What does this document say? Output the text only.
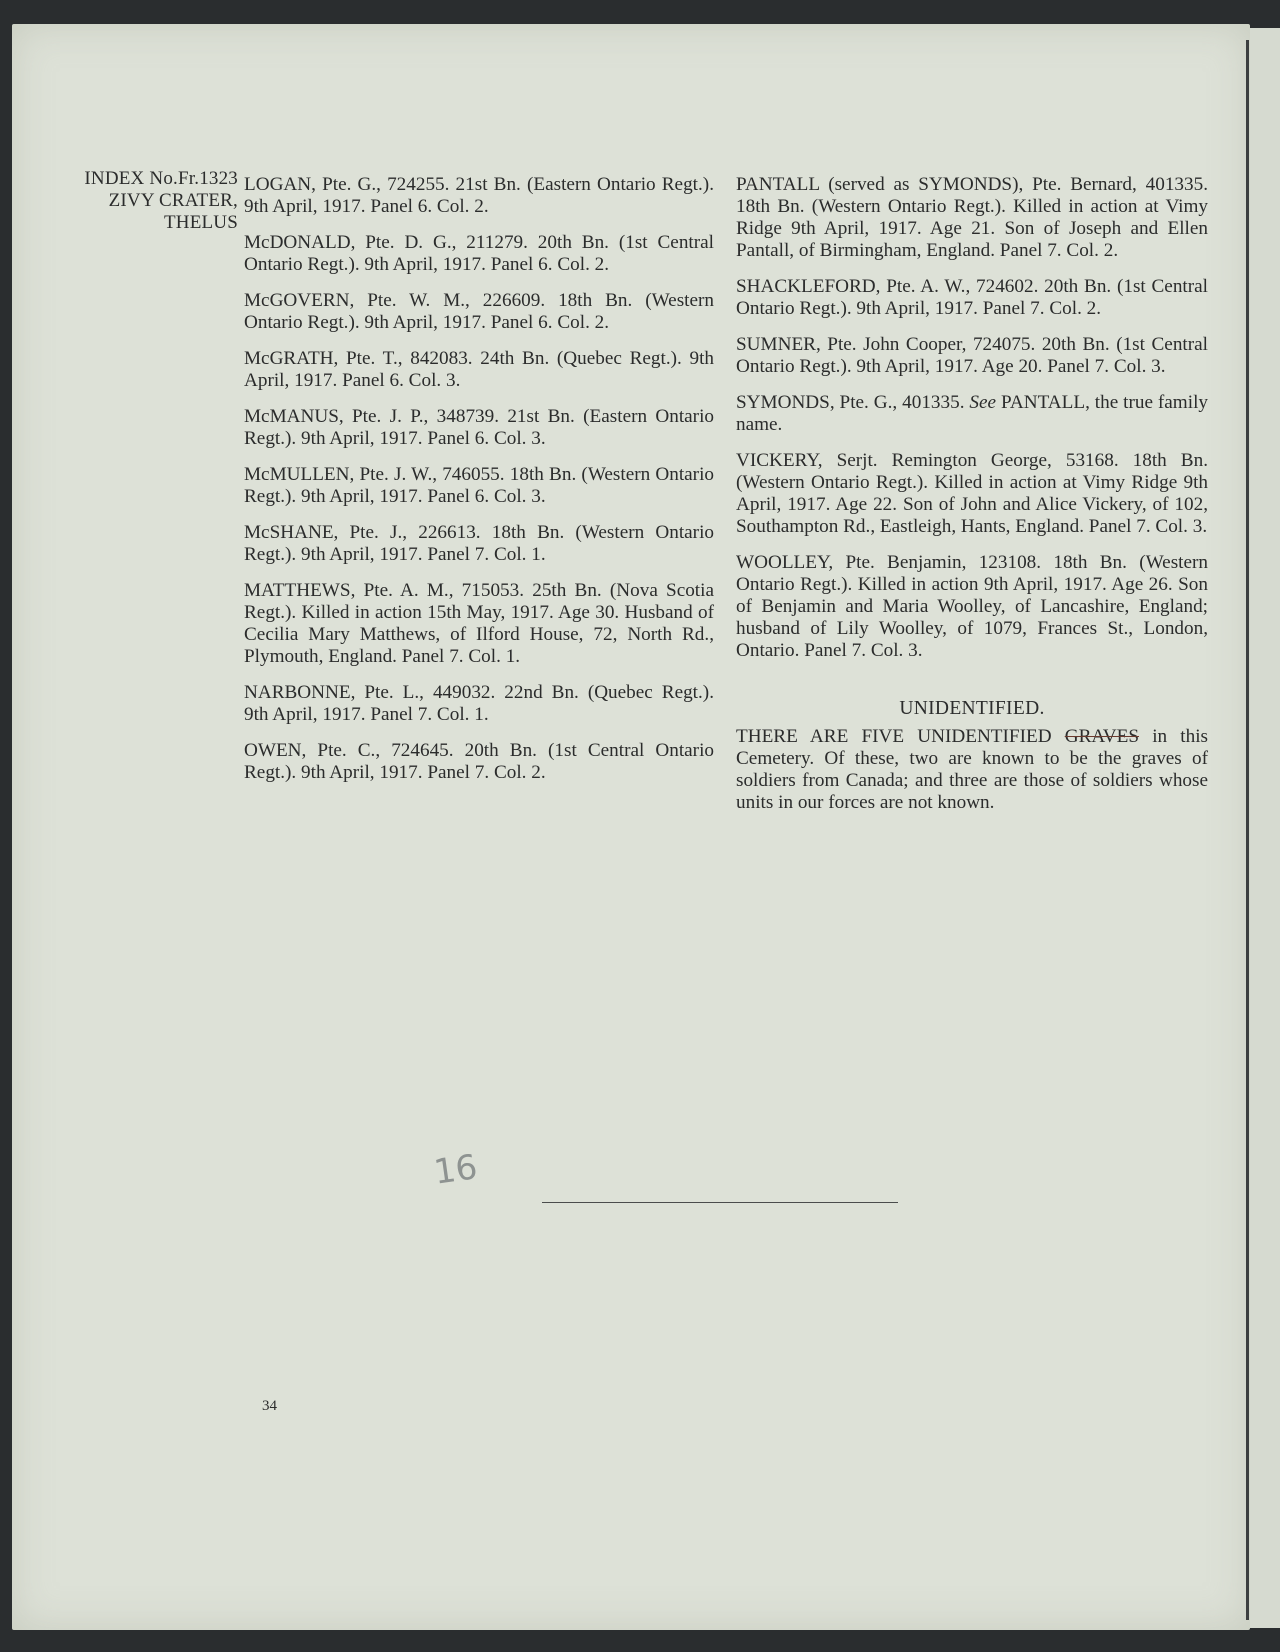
INDEX No.Fr.1323
ZIVY CRATER,
THELUS

LOGAN, Pte. G., 724255. 21st Bn. (Eastern Ontario Regt.). 9th April, 1917. Panel 6. Col. 2.

McDONALD, Pte. D. G., 211279. 20th Bn. (1st Central Ontario Regt.). 9th April, 1917. Panel 6. Col. 2.

McGOVERN, Pte. W. M., 226609. 18th Bn. (Western Ontario Regt.). 9th April, 1917. Panel 6. Col. 2.

McGRATH, Pte. T., 842083. 24th Bn. (Quebec Regt.). 9th April, 1917. Panel 6. Col. 3.

McMANUS, Pte. J. P., 348739. 21st Bn. (Eastern Ontario Regt.). 9th April, 1917. Panel 6. Col. 3.

McMULLEN, Pte. J. W., 746055. 18th Bn. (Western Ontario Regt.). 9th April, 1917. Panel 6. Col. 3.

McSHANE, Pte. J., 226613. 18th Bn. (Western Ontario Regt.). 9th April, 1917. Panel 7. Col. 1.

MATTHEWS, Pte. A. M., 715053. 25th Bn. (Nova Scotia Regt.). Killed in action 15th May, 1917. Age 30. Husband of Cecilia Mary Matthews, of Ilford House, 72, North Rd., Plymouth, England. Panel 7. Col. 1.

NARBONNE, Pte. L., 449032. 22nd Bn. (Quebec Regt.). 9th April, 1917. Panel 7. Col. 1.

OWEN, Pte. C., 724645. 20th Bn. (1st Central Ontario Regt.). 9th April, 1917. Panel 7. Col. 2.

PANTALL (served as SYMONDS), Pte. Bernard, 401335. 18th Bn. (Western Ontario Regt.). Killed in action at Vimy Ridge 9th April, 1917. Age 21. Son of Joseph and Ellen Pantall, of Birmingham, England. Panel 7. Col. 2.

SHACKLEFORD, Pte. A. W., 724602. 20th Bn. (1st Central Ontario Regt.). 9th April, 1917. Panel 7. Col. 2.

SUMNER, Pte. John Cooper, 724075. 20th Bn. (1st Central Ontario Regt.). 9th April, 1917. Age 20. Panel 7. Col. 3.

SYMONDS, Pte. G., 401335. See PANTALL, the true family name.

VICKERY, Serjt. Remington George, 53168. 18th Bn. (Western Ontario Regt.). Killed in action at Vimy Ridge 9th April, 1917. Age 22. Son of John and Alice Vickery, of 102, Southampton Rd., Eastleigh, Hants, England. Panel 7. Col. 3.

WOOLLEY, Pte. Benjamin, 123108. 18th Bn. (Western Ontario Regt.). Killed in action 9th April, 1917. Age 26. Son of Benjamin and Maria Woolley, of Lancashire, England; husband of Lily Woolley, of 1079, Frances St., London, Ontario. Panel 7. Col. 3.

UNIDENTIFIED.

THERE ARE FIVE UNIDENTIFIED GRAVES in this Cemetery. Of these, two are known to be the graves of soldiers from Canada; and three are those of soldiers whose units in our forces are not known.

16
34
